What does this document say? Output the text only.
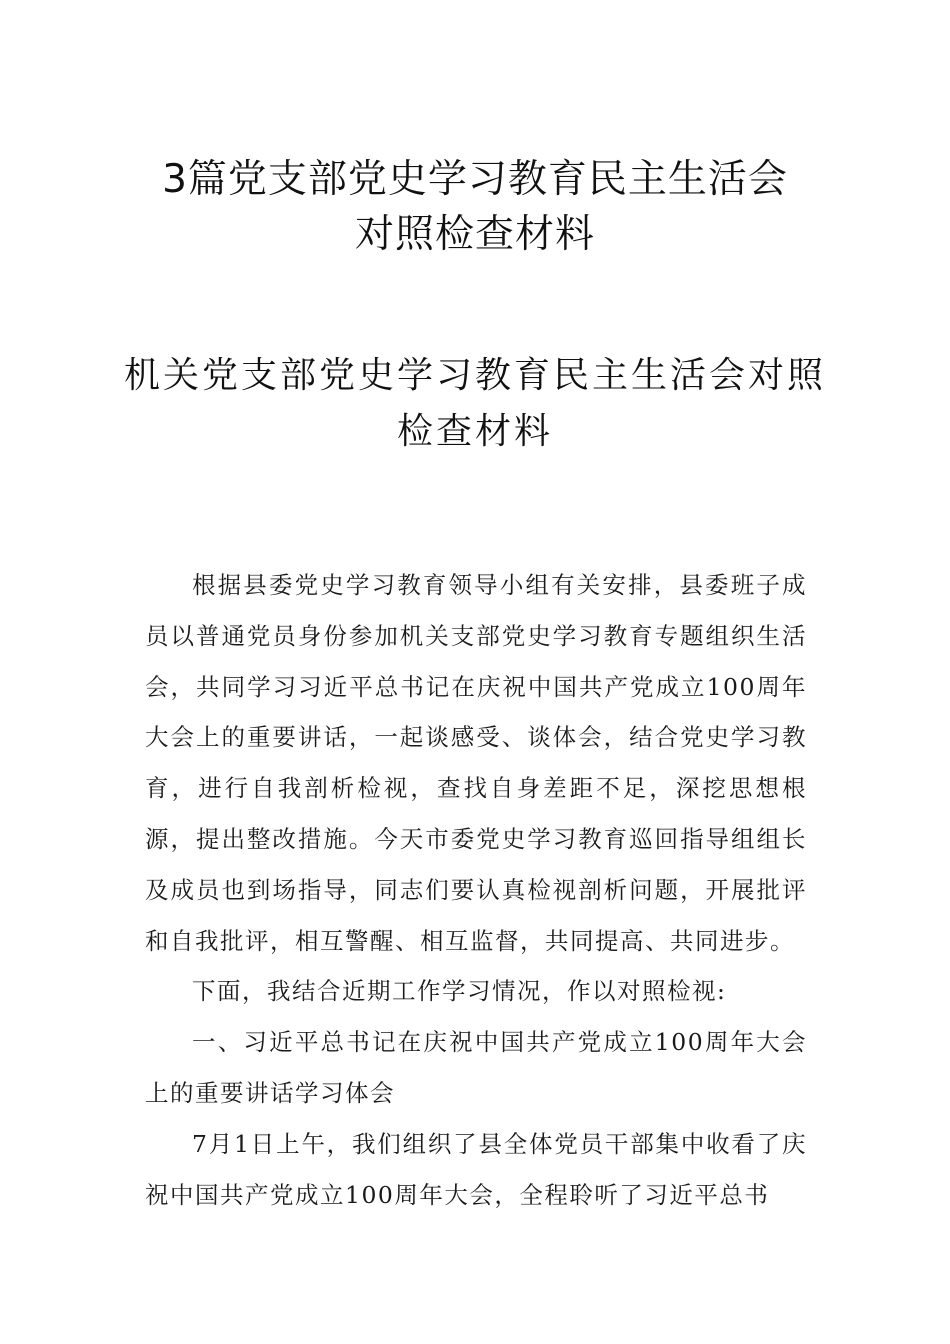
3篇党支部党史学习教育民主生活会
对照检查材料
机关党支部党史学习教育民主生活会对照
检查材料

根据县委党史学习教育领导小组有关安排，县委班子成员以普通党员身份参加机关支部党史学习教育专题组织生活会，共同学习习近平总书记在庆祝中国共产党成立100周年大会上的重要讲话，一起谈感受、谈体会，结合党史学习教育，进行自我剖析检视，查找自身差距不足，深挖思想根源，提出整改措施。今天市委党史学习教育巡回指导组组长及成员也到场指导，同志们要认真检视剖析问题，开展批评和自我批评，相互警醒、相互监督，共同提高、共同进步。

下面，我结合近期工作学习情况，作以对照检视:

一、习近平总书记在庆祝中国共产党成立100周年大会上的重要讲话学习体会

7月1日上午，我们组织了县全体党员干部集中收看了庆祝中国共产党成立100周年大会，全程聆听了习近平总书
